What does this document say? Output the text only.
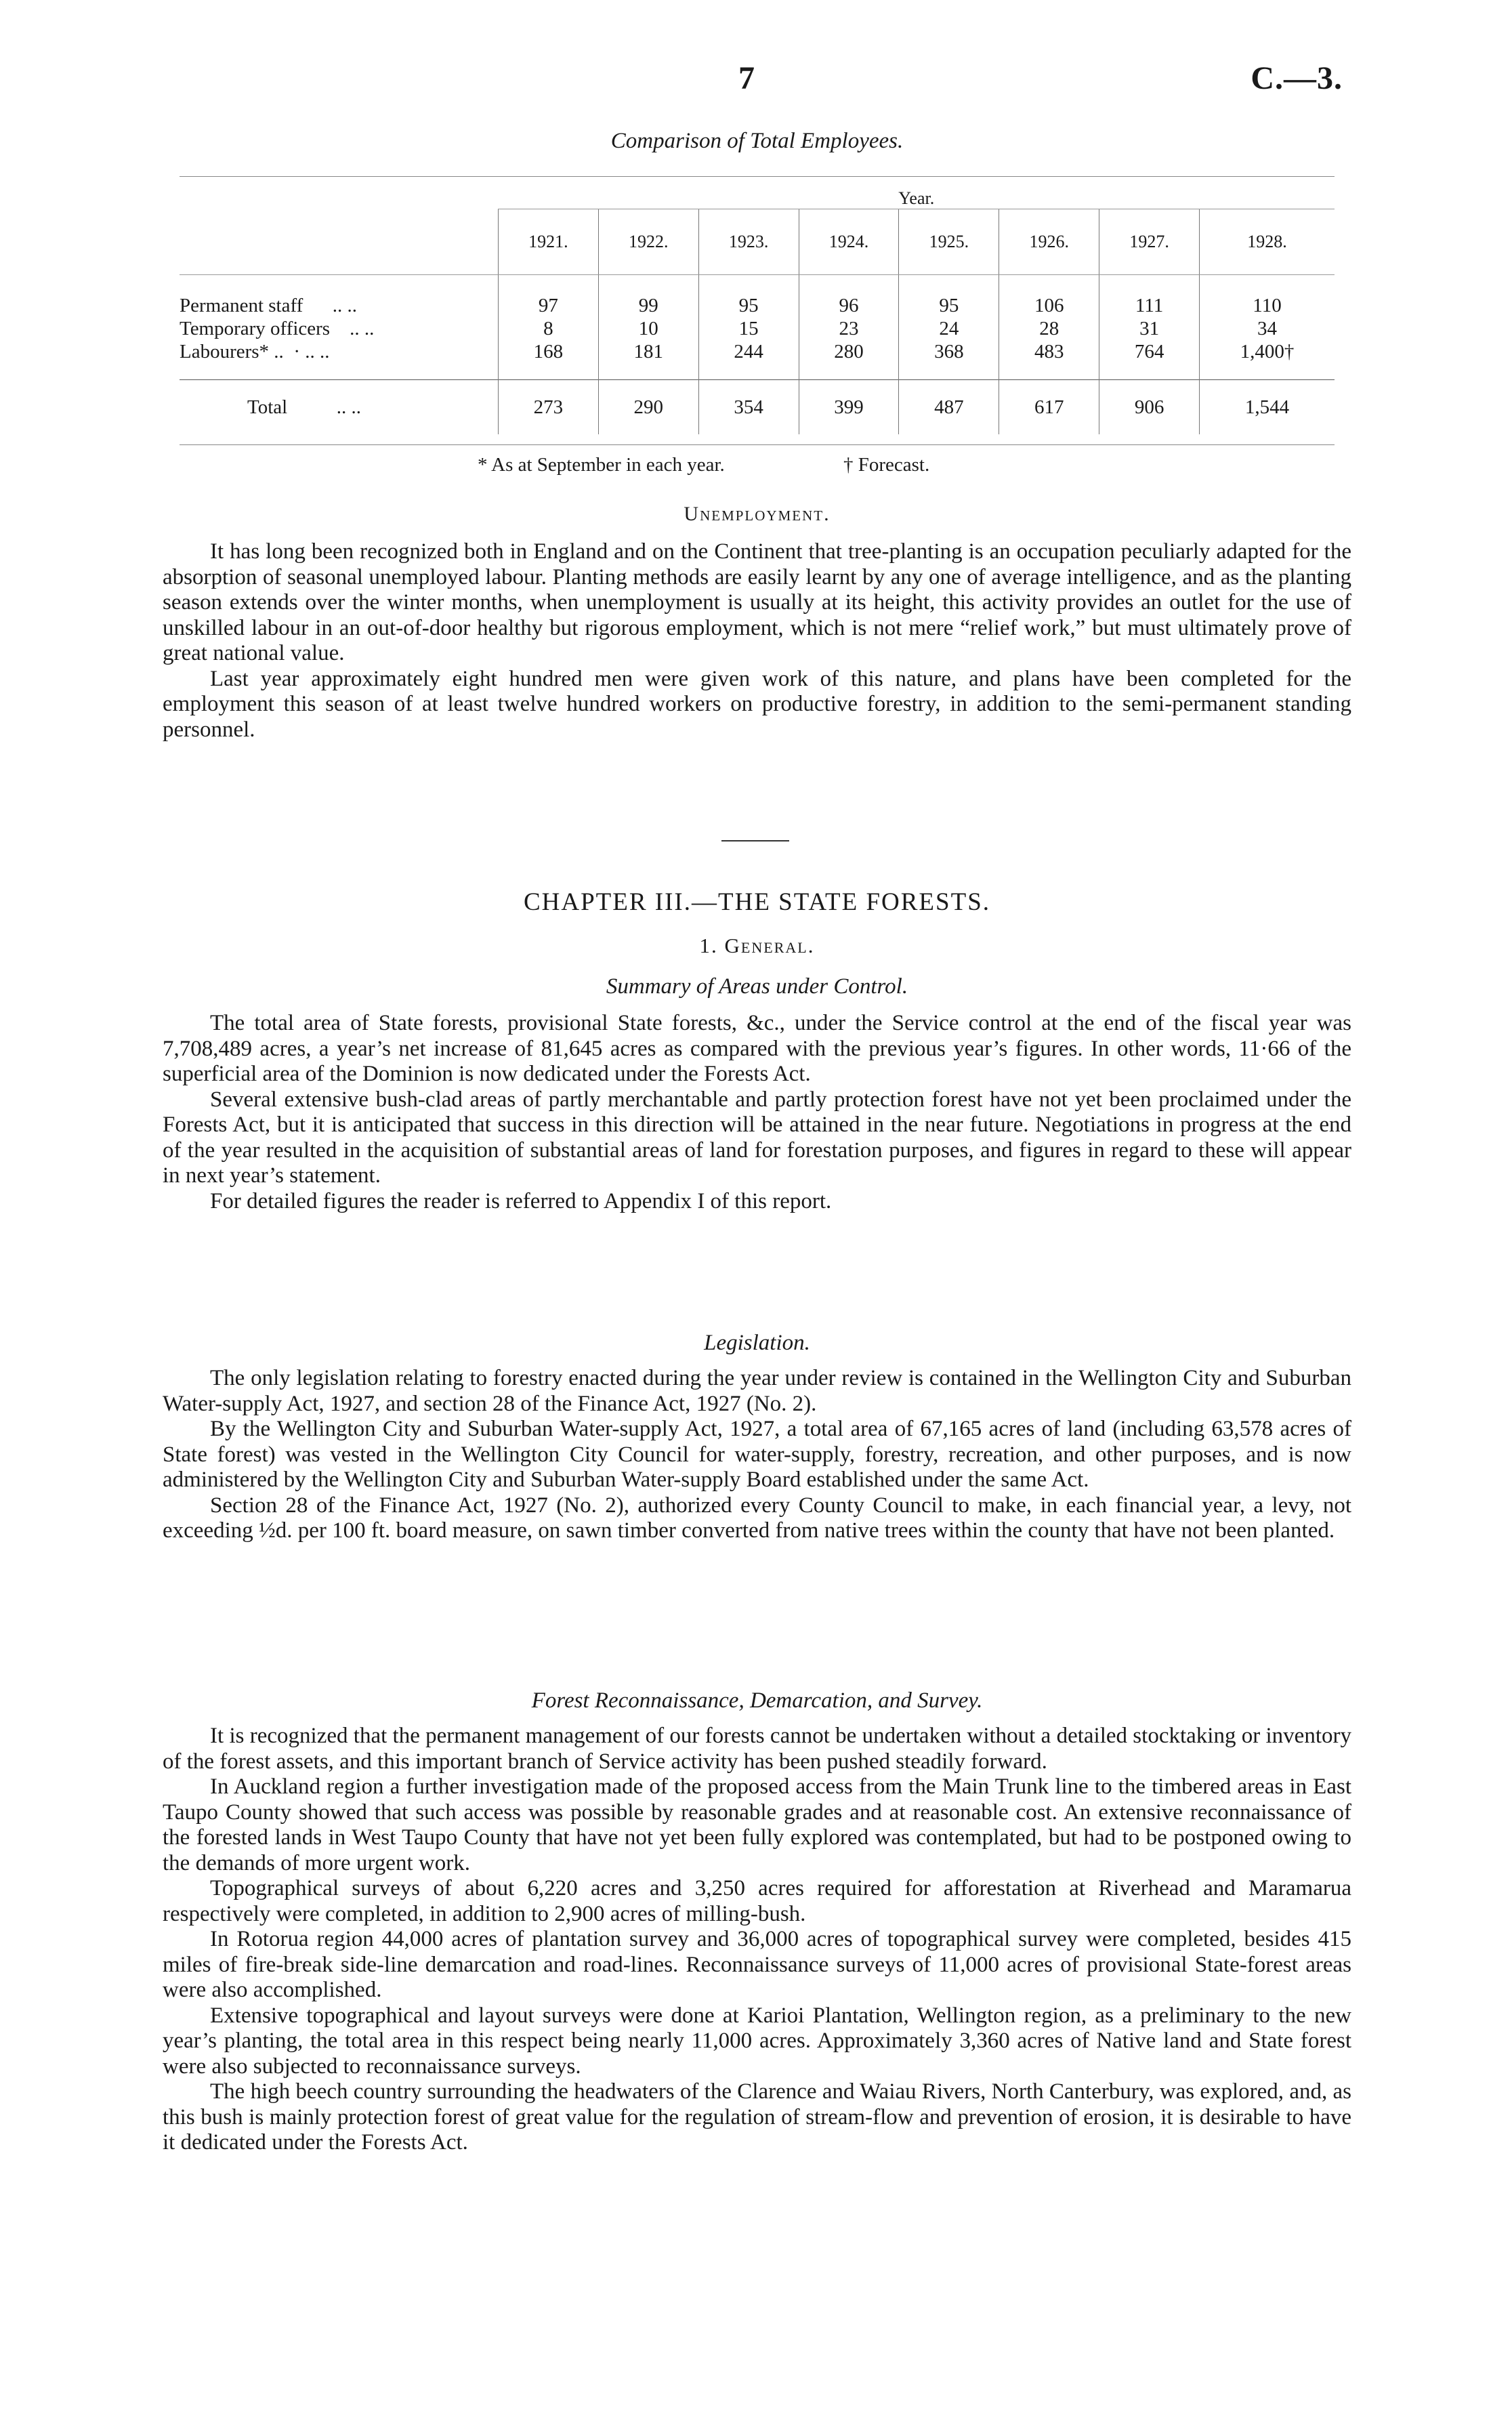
7	C.—3.
Comparison of Total Employees.
	Year.							
	1921.	1922.	1923.	1924.	1925.	1926.	1927.	1928.
Permanent staff .. ..	97	99	95	96	95	106	111	110
Temporary officers .. ..	8	10	15	23	24	28	31	34
Labourers* .. · .. ..	168	181	244	280	368	483	764	1,400†
Total .. ..	273	290	354	399	487	617	906	1,544
* As at September in each year.	† Forecast.
Unemployment.

It has long been recognized both in England and on the Continent that tree-planting is an occupation peculiarly adapted for the absorption of seasonal unemployed labour. Planting methods are easily learnt by any one of average intelligence, and as the planting season extends over the winter months, when unemployment is usually at its height, this activity provides an outlet for the use of unskilled labour in an out-of-door healthy but rigorous employment, which is not mere “relief work,” but must ultimately prove of great national value.

Last year approximately eight hundred men were given work of this nature, and plans have been completed for the employment this season of at least twelve hundred workers on productive forestry, in addition to the semi-permanent standing personnel.

CHAPTER III.—THE STATE FORESTS.
1. General.
Summary of Areas under Control.

The total area of State forests, provisional State forests, &c., under the Service control at the end of the fiscal year was 7,708,489 acres, a year’s net increase of 81,645 acres as compared with the previous year’s figures. In other words, 11·66 of the superficial area of the Dominion is now dedicated under the Forests Act.

Several extensive bush-clad areas of partly merchantable and partly protection forest have not yet been proclaimed under the Forests Act, but it is anticipated that success in this direction will be attained in the near future. Negotiations in progress at the end of the year resulted in the acquisition of substantial areas of land for forestation purposes, and figures in regard to these will appear in next year’s statement.

For detailed figures the reader is referred to Appendix I of this report.

Legislation.

The only legislation relating to forestry enacted during the year under review is contained in the Wellington City and Suburban Water-supply Act, 1927, and section 28 of the Finance Act, 1927 (No. 2).

By the Wellington City and Suburban Water-supply Act, 1927, a total area of 67,165 acres of land (including 63,578 acres of State forest) was vested in the Wellington City Council for water-supply, forestry, recreation, and other purposes, and is now administered by the Wellington City and Suburban Water-supply Board established under the same Act.

Section 28 of the Finance Act, 1927 (No. 2), authorized every County Council to make, in each financial year, a levy, not exceeding ½d. per 100 ft. board measure, on sawn timber converted from native trees within the county that have not been planted.

Forest Reconnaissance, Demarcation, and Survey.

It is recognized that the permanent management of our forests cannot be undertaken without a detailed stocktaking or inventory of the forest assets, and this important branch of Service activity has been pushed steadily forward.

In Auckland region a further investigation made of the proposed access from the Main Trunk line to the timbered areas in East Taupo County showed that such access was possible by reasonable grades and at reasonable cost. An extensive reconnaissance of the forested lands in West Taupo County that have not yet been fully explored was contemplated, but had to be postponed owing to the demands of more urgent work.

Topographical surveys of about 6,220 acres and 3,250 acres required for afforestation at Riverhead and Maramarua respectively were completed, in addition to 2,900 acres of milling-bush.

In Rotorua region 44,000 acres of plantation survey and 36,000 acres of topographical survey were completed, besides 415 miles of fire-break side-line demarcation and road-lines. Reconnaissance surveys of 11,000 acres of provisional State-forest areas were also accomplished.

Extensive topographical and layout surveys were done at Karioi Plantation, Wellington region, as a preliminary to the new year’s planting, the total area in this respect being nearly 11,000 acres. Approximately 3,360 acres of Native land and State forest were also subjected to reconnaissance surveys.

The high beech country surrounding the headwaters of the Clarence and Waiau Rivers, North Canterbury, was explored, and, as this bush is mainly protection forest of great value for the regulation of stream-flow and prevention of erosion, it is desirable to have it dedicated under the Forests Act.
